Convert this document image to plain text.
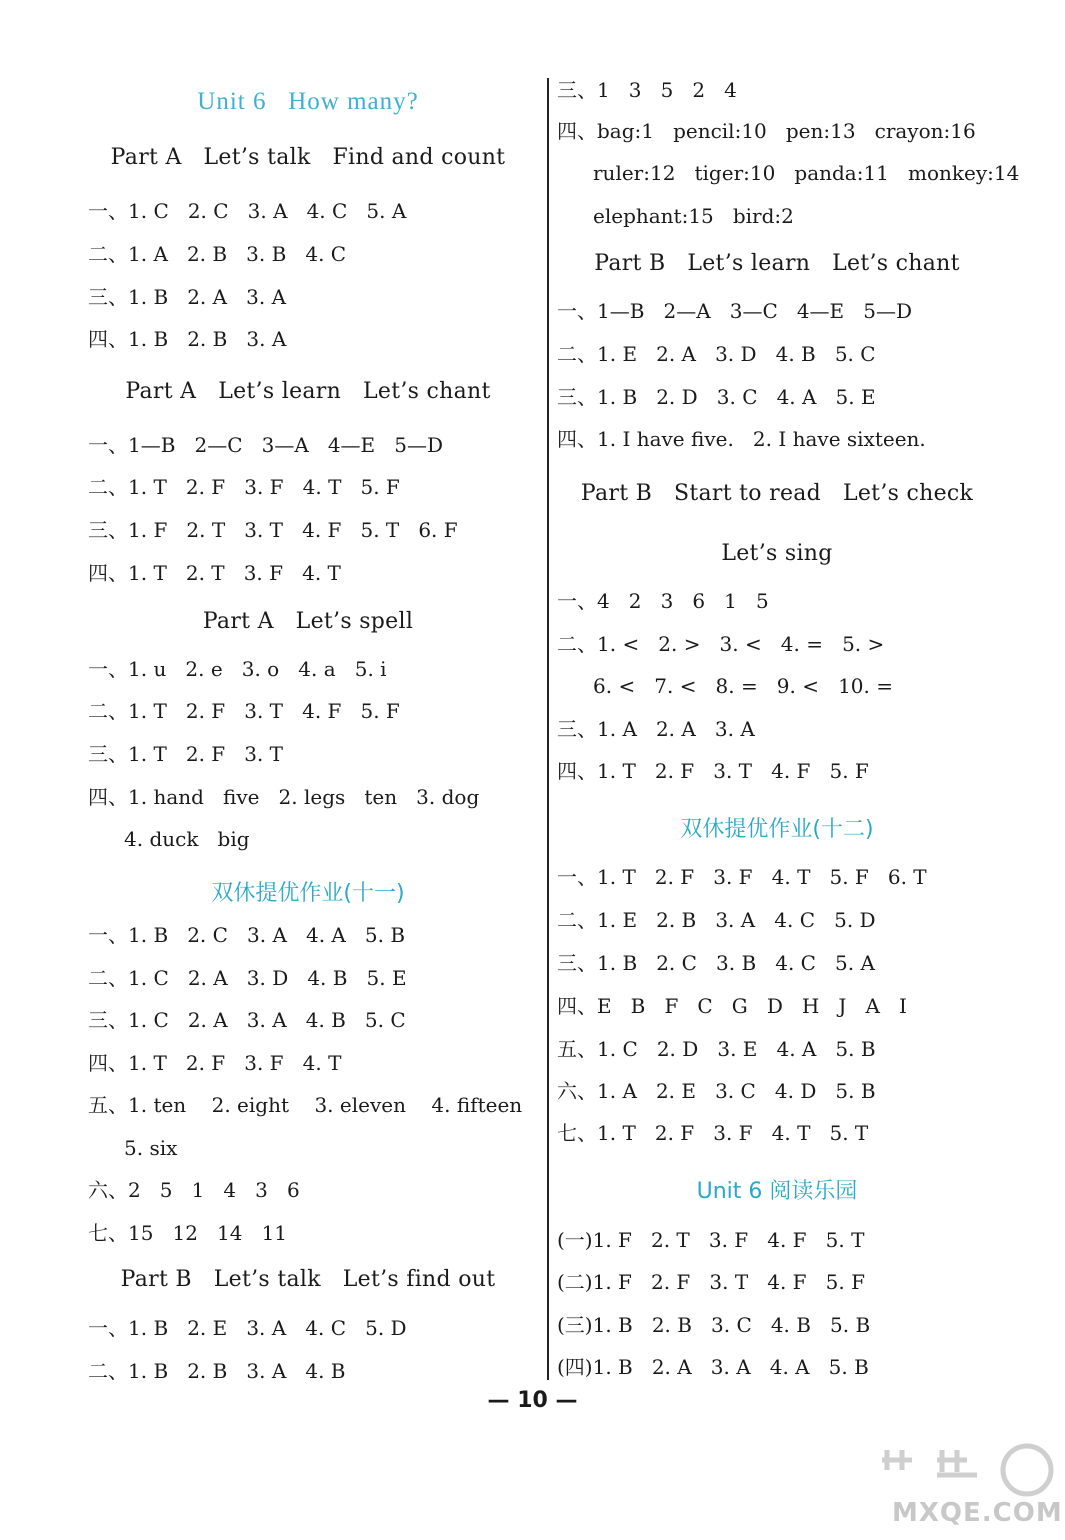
Unit 6   How many?
Part A   Let’s talk   Find and count
一、1. C   2. C   3. A   4. C   5. A
二、1. A   2. B   3. B   4. C
三、1. B   2. A   3. A
四、1. B   2. B   3. A
Part A   Let’s learn   Let’s chant
一、1—B   2—C   3—A   4—E   5—D
二、1. T   2. F   3. F   4. T   5. F
三、1. F   2. T   3. T   4. F   5. T   6. F
四、1. T   2. T   3. F   4. T
Part A   Let’s spell
一、1. u   2. e   3. o   4. a   5. i
二、1. T   2. F   3. T   4. F   5. F
三、1. T   2. F   3. T
四、1. hand   five   2. legs   ten   3. dog
4. duck   big
双休提优作业(十一)
一、1. B   2. C   3. A   4. A   5. B
二、1. C   2. A   3. D   4. B   5. E
三、1. C   2. A   3. A   4. B   5. C
四、1. T   2. F   3. F   4. T
五、1. ten    2. eight    3. eleven    4. fifteen
5. six
六、2   5   1   4   3   6
七、15   12   14   11
Part B   Let’s talk   Let’s find out
一、1. B   2. E   3. A   4. C   5. D
二、1. B   2. B   3. A   4. B
三、1   3   5   2   4
四、bag:1   pencil:10   pen:13   crayon:16
ruler:12   tiger:10   panda:11   monkey:14
elephant:15   bird:2
Part B   Let’s learn   Let’s chant
一、1—B   2—A   3—C   4—E   5—D
二、1. E   2. A   3. D   4. B   5. C
三、1. B   2. D   3. C   4. A   5. E
四、1. I have five.   2. I have sixteen.
Part B   Start to read   Let’s check
Let’s sing
一、4   2   3   6   1   5
二、1. <   2. >   3. <   4. =   5. >
6. <   7. <   8. =   9. <   10. =
三、1. A   2. A   3. A
四、1. T   2. F   3. T   4. F   5. F
双休提优作业(十二)
一、1. T   2. F   3. F   4. T   5. F   6. T
二、1. E   2. B   3. A   4. C   5. D
三、1. B   2. C   3. B   4. C   5. A
四、E   B   F   C   G   D   H   J   A   I
五、1. C   2. D   3. E   4. A   5. B
六、1. A   2. E   3. C   4. D   5. B
七、1. T   2. F   3. F   4. T   5. T
Unit 6 阅读乐园
(一)1. F   2. T   3. F   4. F   5. T
(二)1. F   2. F   3. T   4. F   5. F
(三)1. B   2. B   3. C   4. B   5. B
(四)1. B   2. A   3. A   4. A   5. B
— 10 —
MXQE.COM
